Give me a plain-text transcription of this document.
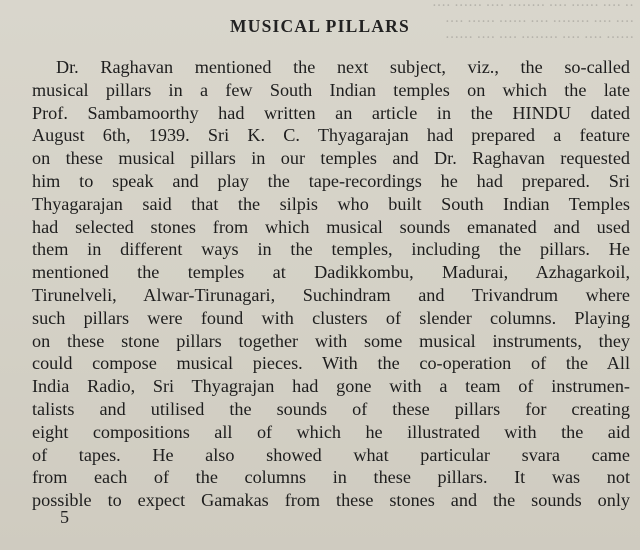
‥ ‥‥ ‥‥‥ ‥‥ ‥‥‥‥ ‥‥ ‥‥‥ ‥‥
‥‥ ‥‥ ‥‥‥‥ ‥‥ ‥‥‥ ‥‥‥ ‥‥
‥‥‥ ‥‥ ‥‥ ‥‥‥‥ ‥‥ ‥‥ ‥‥‥
MUSICAL PILLARS
Dr. Raghavan mentioned the next subject, viz., the so-called
musical pillars in a few South Indian temples on which the late
Prof. Sambamoorthy had written an article in the HINDU dated
August 6th, 1939. Sri K. C. Thyagarajan had prepared a feature
on these musical pillars in our temples and Dr. Raghavan requested
him to speak and play the tape-recordings he had prepared. Sri
Thyagarajan said that the silpis who built South Indian Temples
had selected stones from which musical sounds emanated and used
them in different ways in the temples, including the pillars. He
mentioned the temples at Dadikkombu, Madurai, Azhagarkoil,
Tirunelveli, Alwar-Tirunagari, Suchindram and Trivandrum where
such pillars were found with clusters of slender columns. Playing
on these stone pillars together with some musical instruments, they
could compose musical pieces. With the co-operation of the All
India Radio, Sri Thyagrajan had gone with a team of instrumen-
talists and utilised the sounds of these pillars for creating
eight compositions all of which he illustrated with the aid
of tapes. He also showed what particular svara came
from each of the columns in these pillars. It was not
possible to expect Gamakas from these stones and the sounds only

5
